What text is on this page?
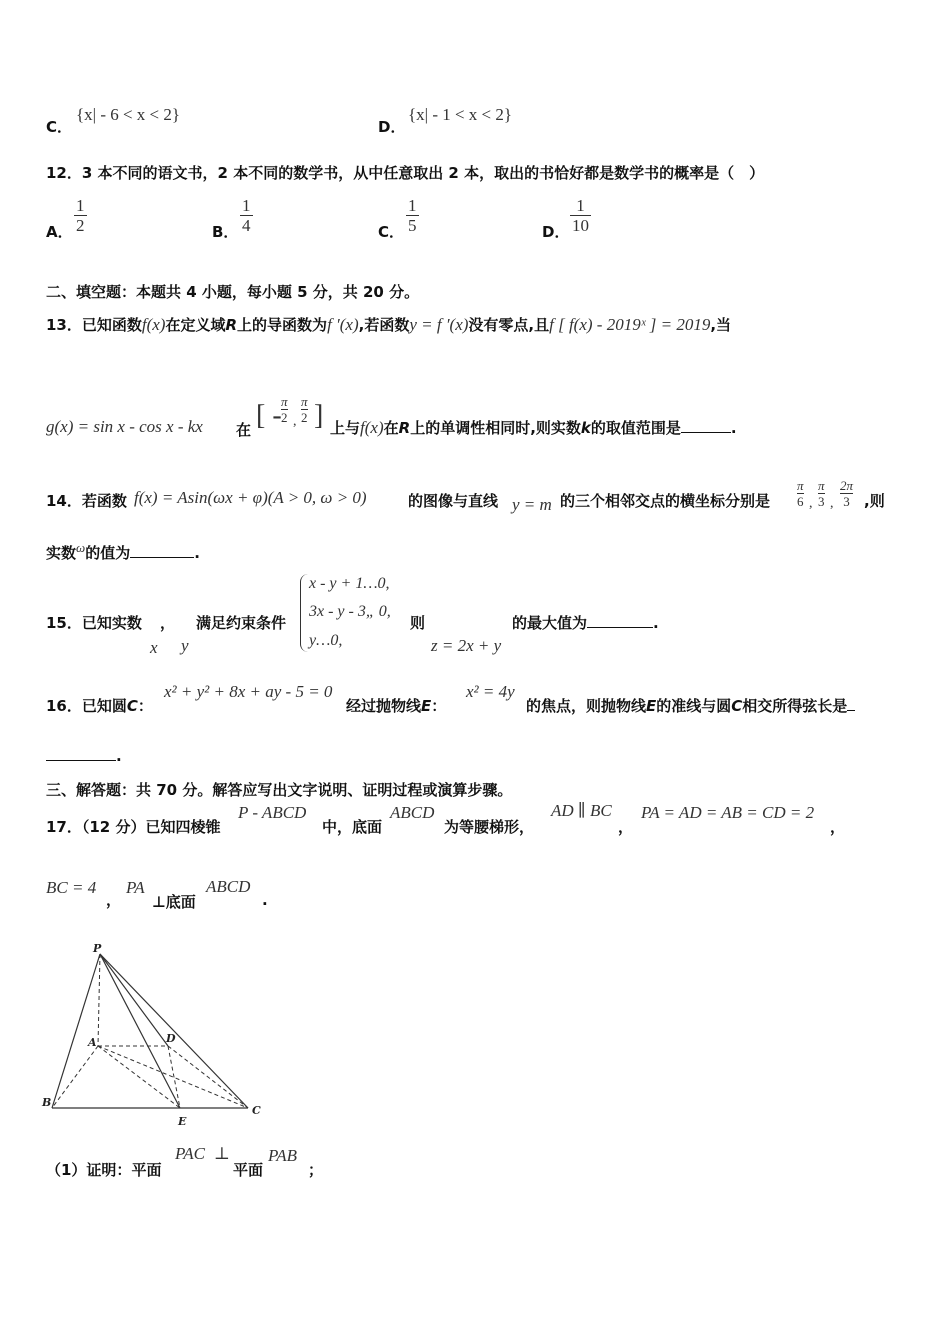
C．
{x| - 6 < x < 2}
D．
{x| - 1 < x < 2}
12．3 本不同的语文书，2 本不同的数学书，从中任意取出 2 本，取出的书恰好都是数学书的概率是（　）
A．
1
2	B．
1
4	C．
1
5	D．
1
10
二、填空题：本题共 4 小题，每小题 5 分，共 20 分。
13．已知函数f(x)在定义域R上的导函数为f ′(x),若函数y = f ′(x)没有零点,且f [ f(x) - 2019ˣ ] = 2019,当
g(x) = sin x - cos x - kx 在 [ - π
2 ,
π
2 ] 上与f(x)在R上的单调性相同时,则实数k的取值范围是	.
14．若函数 f(x) = Asin(ωx + φ)(A > 0, ω > 0)	的图像与直线 y = m 的三个相邻交点的横坐标分别是
π
6 ,
π
3 ,
2π
3 ,则
实数$^\omega$的值为	.
15．已知实数 ， 满足约束条件
x y
x - y + 1…0,
3x - y - 3„ 0,
y…0,
则
z = 2x + y
的最大值为	.
16．已知圆C：
x² + y² + 8x + ay - 5 = 0
经过抛物线E：
x² = 4y
的焦点，则抛物线E的准线与圆C相交所得弦长是
.
三、解答题：共 70 分。解答应写出文字说明、证明过程或演算步骤。
17．（12 分）已知四棱锥
P - ABCD
中，底面
ABCD
为等腰梯形，
AD ∥ BC
，
PA = AD = AB = CD = 2
，
BC = 4
，
PA
⊥底面
ABCD
.
P
A	D
B
E
C
（1）证明：平面
PAC ⊥
平面
PAB
；
